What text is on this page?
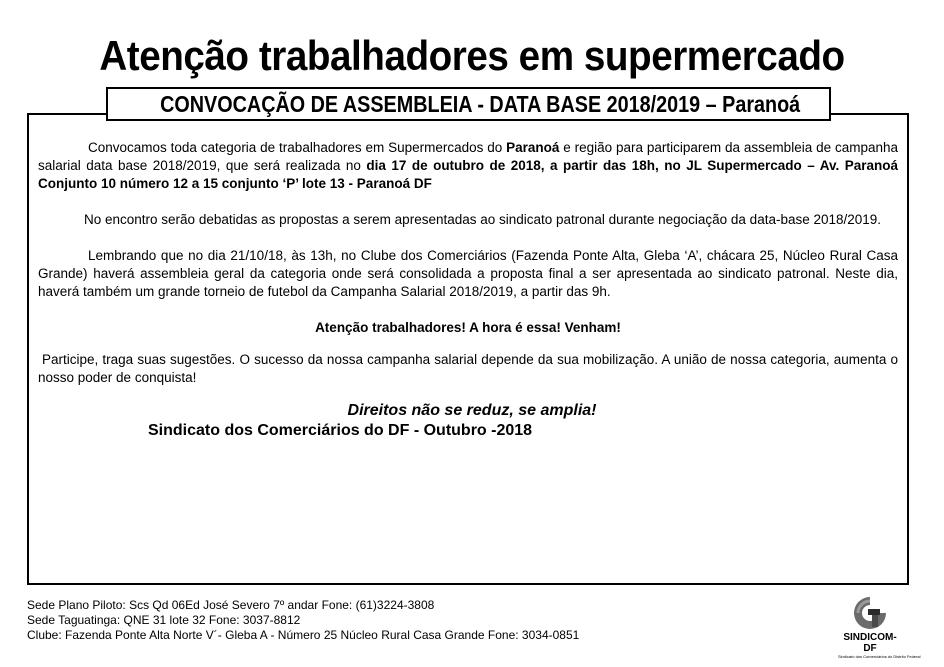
Atenção trabalhadores em supermercado
CONVOCAÇÃO DE ASSEMBLEIA - DATA BASE 2018/2019 – Paranoá

Convocamos toda categoria de trabalhadores em Supermercados do Paranoá e região para participarem da assembleia de campanha salarial data base 2018/2019, que será realizada no dia 17 de outubro de 2018, a partir das 18h, no JL Supermercado – Av. Paranoá Conjunto 10 número 12 a 15 conjunto ‘P’ lote 13 - Paranoá DF

No encontro serão debatidas as propostas a serem apresentadas ao sindicato patronal durante negociação da data-base 2018/2019.

Lembrando que no dia 21/10/18, às 13h, no Clube dos Comerciários (Fazenda Ponte Alta, Gleba ‘A’, chácara 25, Núcleo Rural Casa Grande) haverá assembleia geral da categoria onde será consolidada a proposta final a ser apresentada ao sindicato patronal. Neste dia, haverá também um grande torneio de futebol da Campanha Salarial 2018/2019, a partir das 9h.

Atenção trabalhadores! A hora é essa! Venham!

Participe, traga suas sugestões. O sucesso da nossa campanha salarial depende da sua mobilização. A união de nossa categoria, aumenta o nosso poder de conquista!

Direitos não se reduz, se amplia!
Sindicato dos Comerciários do DF - Outubro -2018
Sede Plano Piloto: Scs Qd 06Ed José Severo 7º andar Fone: (61)3224-3808
Sede Taguatinga: QNE 31 lote 32 Fone: 3037-8812
Clube: Fazenda Ponte Alta Norte V´- Gleba A - Número 25 Núcleo Rural Casa Grande Fone: 3034-0851	SINDICOM-DF
Sindicato dos Comerciários do Distrito Federal
